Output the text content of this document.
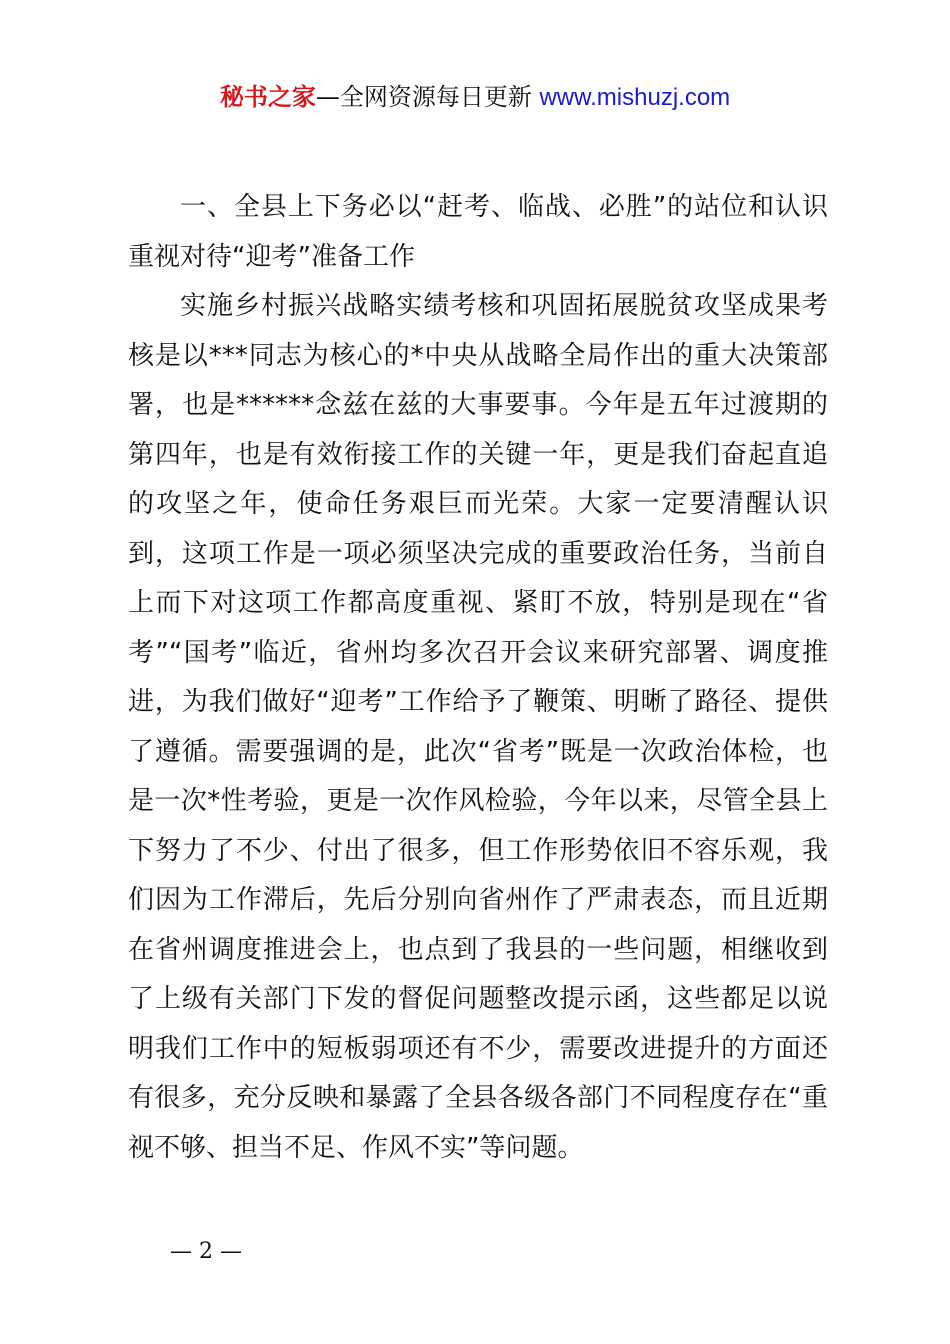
秘书之家—全网资源每日更新 www.mishuzj.com

一、全县上下务必以“赶考、临战、必胜”的站位和认识重视对待“迎考”准备工作

实施乡村振兴战略实绩考核和巩固拓展脱贫攻坚成果考核是以***同志为核心的*中央从战略全局作出的重大决策部署，也是******念兹在兹的大事要事。今年是五年过渡期的第四年，也是有效衔接工作的关键一年，更是我们奋起直追的攻坚之年，使命任务艰巨而光荣。大家一定要清醒认识到，这项工作是一项必须坚决完成的重要政治任务，当前自上而下对这项工作都高度重视、紧盯不放，特别是现在“省考”“国考”临近，省州均多次召开会议来研究部署、调度推进，为我们做好“迎考”工作给予了鞭策、明晰了路径、提供了遵循。需要强调的是，此次“省考”既是一次政治体检，也是一次*性考验，更是一次作风检验，今年以来，尽管全县上下努力了不少、付出了很多，但工作形势依旧不容乐观，我们因为工作滞后，先后分别向省州作了严肃表态，而且近期在省州调度推进会上，也点到了我县的一些问题，相继收到了上级有关部门下发的督促问题整改提示函，这些都足以说明我们工作中的短板弱项还有不少，需要改进提升的方面还有很多，充分反映和暴露了全县各级各部门不同程度存在“重视不够、担当不足、作风不实”等问题。

— 2 —
